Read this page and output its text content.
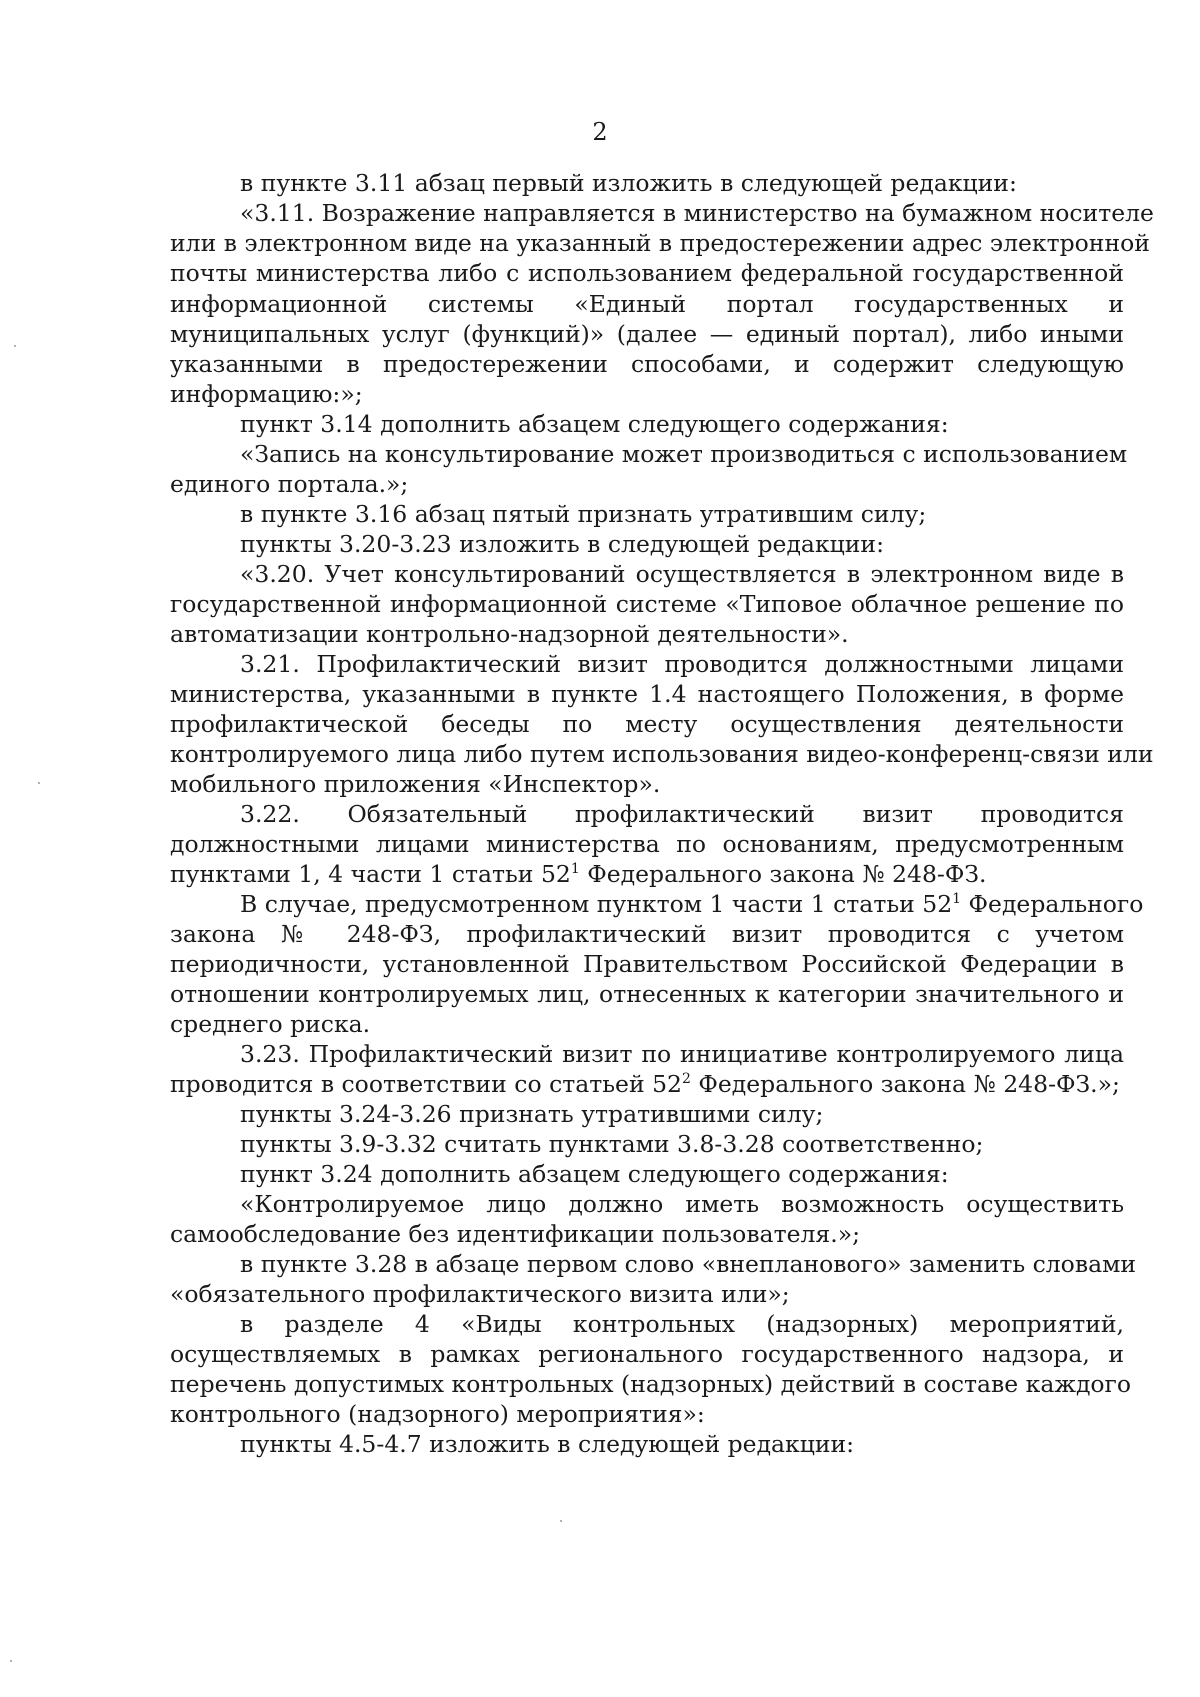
2
в пункте 3.11 абзац первый изложить в следующей редакции:
«3.11. Возражение направляется в министерство на бумажном носителе
или в электронном виде на указанный в предостережении адрес электронной
почты министерства либо с использованием федеральной государственной
информационной системы «Единый портал государственных и
муниципальных услуг (функций)» (далее — единый портал), либо иными
указанными в предостережении способами, и содержит следующую
информацию:»;
пункт 3.14 дополнить абзацем следующего содержания:
«Запись на консультирование может производиться с использованием
единого портала.»;
в пункте 3.16 абзац пятый признать утратившим силу;
пункты 3.20-3.23 изложить в следующей редакции:
«3.20. Учет консультирований осуществляется в электронном виде в
государственной информационной системе «Типовое облачное решение по
автоматизации контрольно-надзорной деятельности».
3.21. Профилактический визит проводится должностными лицами
министерства, указанными в пункте 1.4 настоящего Положения, в форме
профилактической беседы по месту осуществления деятельности
контролируемого лица либо путем использования видео-конференц-связи или
мобильного приложения «Инспектор».
3.22. Обязательный профилактический визит проводится
должностными лицами министерства по основаниям, предусмотренным
пунктами 1, 4 части 1 статьи $52^1$ Федерального закона № 248-ФЗ.
В случае, предусмотренном пунктом 1 части 1 статьи $52^1$ Федерального
закона № 248-ФЗ, профилактический визит проводится с учетом
периодичности, установленной Правительством Российской Федерации в
отношении контролируемых лиц, отнесенных к категории значительного и
среднего риска.
3.23. Профилактический визит по инициативе контролируемого лица
проводится в соответствии со статьей $52^2$ Федерального закона № 248-ФЗ.»;
пункты 3.24-3.26 признать утратившими силу;
пункты 3.9-3.32 считать пунктами 3.8-3.28 соответственно;
пункт 3.24 дополнить абзацем следующего содержания:
«Контролируемое лицо должно иметь возможность осуществить
самообследование без идентификации пользователя.»;
в пункте 3.28 в абзаце первом слово «внепланового» заменить словами
«обязательного профилактического визита или»;
в разделе 4 «Виды контрольных (надзорных) мероприятий,
осуществляемых в рамках регионального государственного надзора, и
перечень допустимых контрольных (надзорных) действий в составе каждого
контрольного (надзорного) мероприятия»:
пункты 4.5-4.7 изложить в следующей редакции:
